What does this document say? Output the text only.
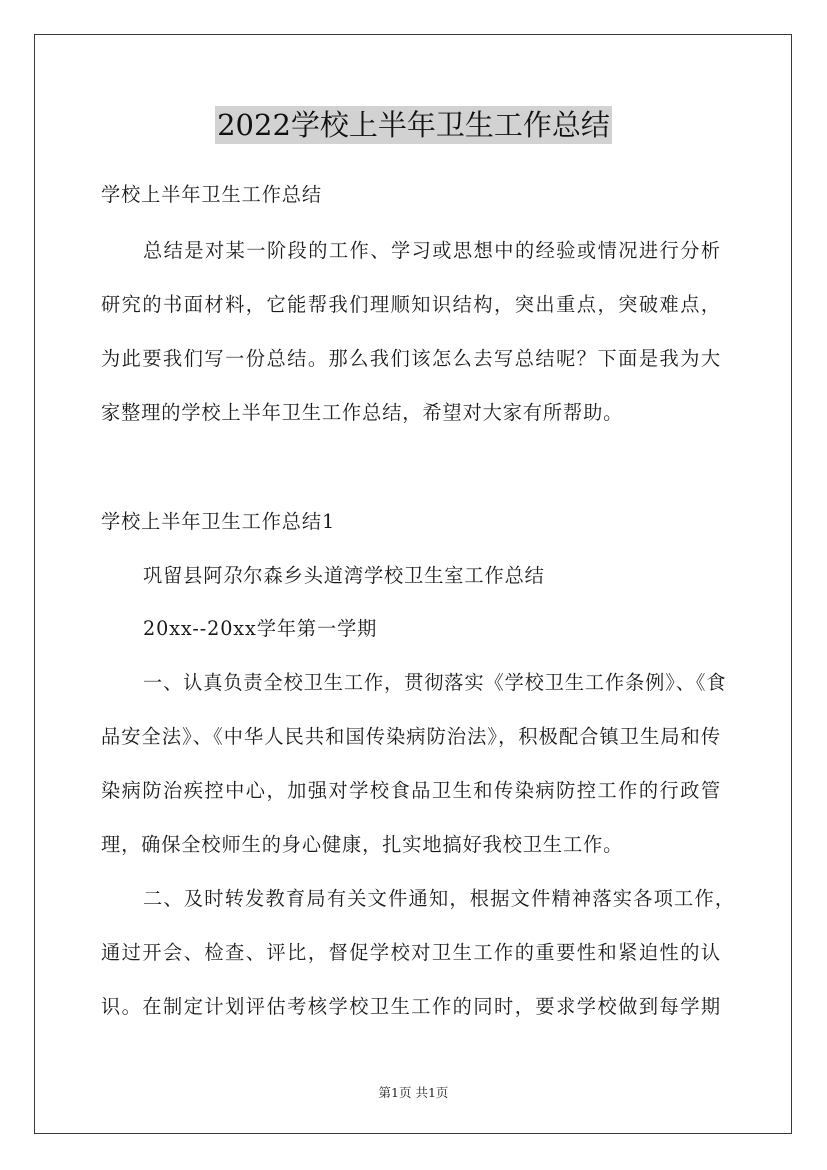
2022学校上半年卫生工作总结

学校上半年卫生工作总结

总结是对某一阶段的工作、学习或思想中的经验或情况进行分析

研究的书面材料，它能帮我们理顺知识结构，突出重点，突破难点，

为此要我们写一份总结。那么我们该怎么去写总结呢？下面是我为大

家整理的学校上半年卫生工作总结，希望对大家有所帮助。

学校上半年卫生工作总结1

巩留县阿尕尔森乡头道湾学校卫生室工作总结

20xx--20xx学年第一学期

一、认真负责全校卫生工作，贯彻落实《学校卫生工作条例》、《食

品安全法》、《中华人民共和国传染病防治法》，积极配合镇卫生局和传

染病防治疾控中心，加强对学校食品卫生和传染病防控工作的行政管

理，确保全校师生的身心健康，扎实地搞好我校卫生工作。

二、及时转发教育局有关文件通知，根据文件精神落实各项工作，

通过开会、检查、评比，督促学校对卫生工作的重要性和紧迫性的认

识。在制定计划评估考核学校卫生工作的同时，要求学校做到每学期

第1页 共1页
